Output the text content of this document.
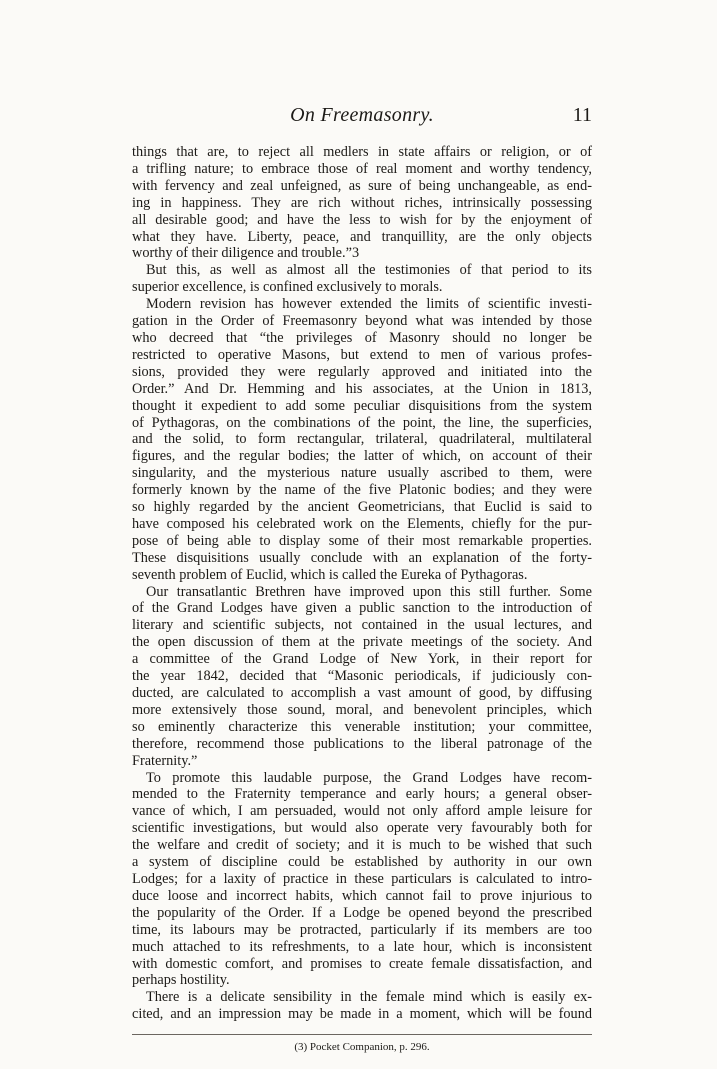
On Freemasonry.	11

things that are, to reject all medlers in state affairs or religion, or of

a trifling nature; to embrace those of real moment and worthy tendency,

with fervency and zeal unfeigned, as sure of being unchangeable, as end-

ing in happiness. They are rich without riches, intrinsically possessing

all desirable good; and have the less to wish for by the enjoyment of

what they have. Liberty, peace, and tranquillity, are the only objects

worthy of their diligence and trouble.”3

But this, as well as almost all the testimonies of that period to its

superior excellence, is confined exclusively to morals.

Modern revision has however extended the limits of scientific investi-

gation in the Order of Freemasonry beyond what was intended by those

who decreed that “the privileges of Masonry should no longer be

restricted to operative Masons, but extend to men of various profes-

sions, provided they were regularly approved and initiated into the

Order.” And Dr. Hemming and his associates, at the Union in 1813,

thought it expedient to add some peculiar disquisitions from the system

of Pythagoras, on the combinations of the point, the line, the superficies,

and the solid, to form rectangular, trilateral, quadrilateral, multilateral

figures, and the regular bodies; the latter of which, on account of their

singularity, and the mysterious nature usually ascribed to them, were

formerly known by the name of the five Platonic bodies; and they were

so highly regarded by the ancient Geometricians, that Euclid is said to

have composed his celebrated work on the Elements, chiefly for the pur-

pose of being able to display some of their most remarkable properties.

These disquisitions usually conclude with an explanation of the forty-

seventh problem of Euclid, which is called the Eureka of Pythagoras.

Our transatlantic Brethren have improved upon this still further. Some

of the Grand Lodges have given a public sanction to the introduction of

literary and scientific subjects, not contained in the usual lectures, and

the open discussion of them at the private meetings of the society. And

a committee of the Grand Lodge of New York, in their report for

the year 1842, decided that “Masonic periodicals, if judiciously con-

ducted, are calculated to accomplish a vast amount of good, by diffusing

more extensively those sound, moral, and benevolent principles, which

so eminently characterize this venerable institution; your committee,

therefore, recommend those publications to the liberal patronage of the

Fraternity.”

To promote this laudable purpose, the Grand Lodges have recom-

mended to the Fraternity temperance and early hours; a general obser-

vance of which, I am persuaded, would not only afford ample leisure for

scientific investigations, but would also operate very favourably both for

the welfare and credit of society; and it is much to be wished that such

a system of discipline could be established by authority in our own

Lodges; for a laxity of practice in these particulars is calculated to intro-

duce loose and incorrect habits, which cannot fail to prove injurious to

the popularity of the Order. If a Lodge be opened beyond the prescribed

time, its labours may be protracted, particularly if its members are too

much attached to its refreshments, to a late hour, which is inconsistent

with domestic comfort, and promises to create female dissatisfaction, and

perhaps hostility.

There is a delicate sensibility in the female mind which is easily ex-

cited, and an impression may be made in a moment, which will be found

(3) Pocket Companion, p. 296.
